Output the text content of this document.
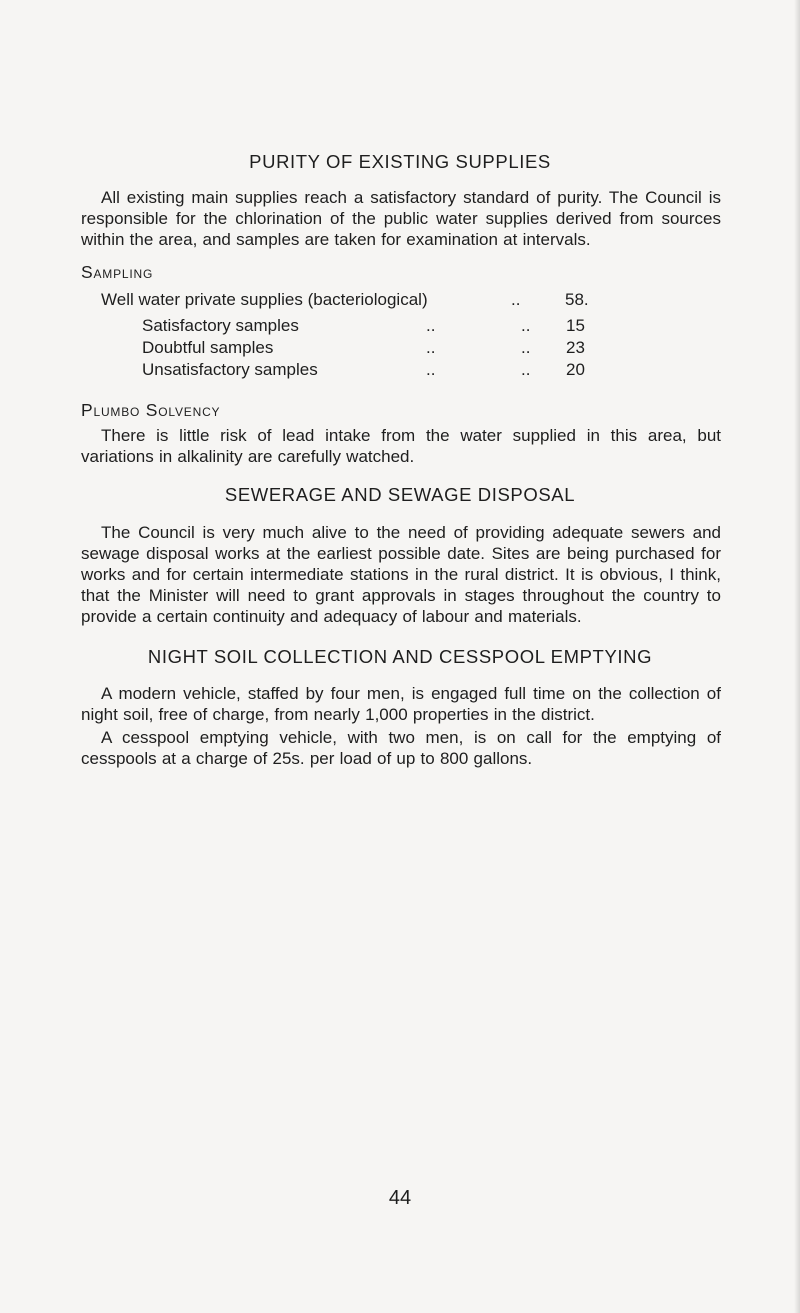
PURITY OF EXISTING SUPPLIES

All existing main supplies reach a satisfactory standard of purity. The Council is responsible for the chlorination of the public water supplies derived from sources within the area, and samples are taken for examination at intervals.

Sampling
Well water private supplies (bacteriological)	..	58.
Satisfactory samples	..	.. 15
Doubtful samples	..	.. 23
Unsatisfactory samples	..	.. 20
Plumbo Solvency

There is little risk of lead intake from the water supplied in this area, but variations in alkalinity are carefully watched.

SEWERAGE AND SEWAGE DISPOSAL

The Council is very much alive to the need of providing adequate sewers and sewage disposal works at the earliest possible date. Sites are being purchased for works and for certain intermediate stations in the rural district. It is obvious, I think, that the Minister will need to grant approvals in stages throughout the country to provide a certain continuity and adequacy of labour and materials.

NIGHT SOIL COLLECTION AND CESSPOOL EMPTYING

A modern vehicle, staffed by four men, is engaged full time on the collection of night soil, free of charge, from nearly 1,000 properties in the district.

A cesspool emptying vehicle, with two men, is on call for the emptying of cesspools at a charge of 25s. per load of up to 800 gallons.

44
